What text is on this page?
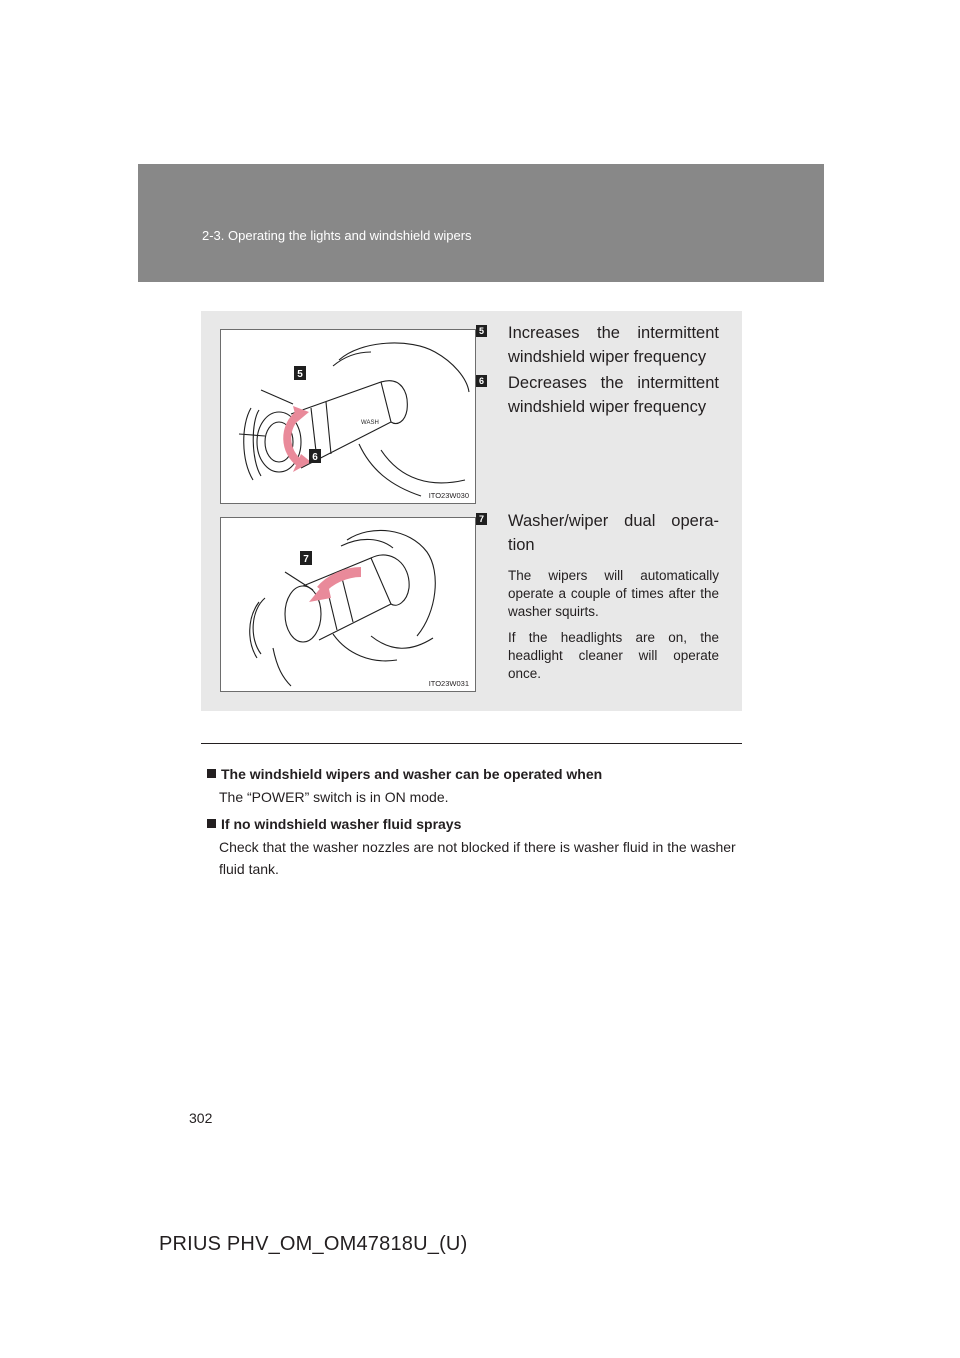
2-3. Operating the lights and windshield wipers
WASH
5
6
ITO23W030
5 Increases the intermittent windshield wiper frequency
6 Decreases the intermittent windshield wiper frequency
7
ITO23W031
7 Washer/wiper dual opera-tion
The wipers will automatically operate a couple of times after the washer squirts.
If the headlights are on, the headlight cleaner will operate once.
The windshield wipers and washer can be operated when
The “POWER” switch is in ON mode.
If no windshield washer fluid sprays
Check that the washer nozzles are not blocked if there is washer fluid in the washer fluid tank.
302
PRIUS PHV_OM_OM47818U_(U)
